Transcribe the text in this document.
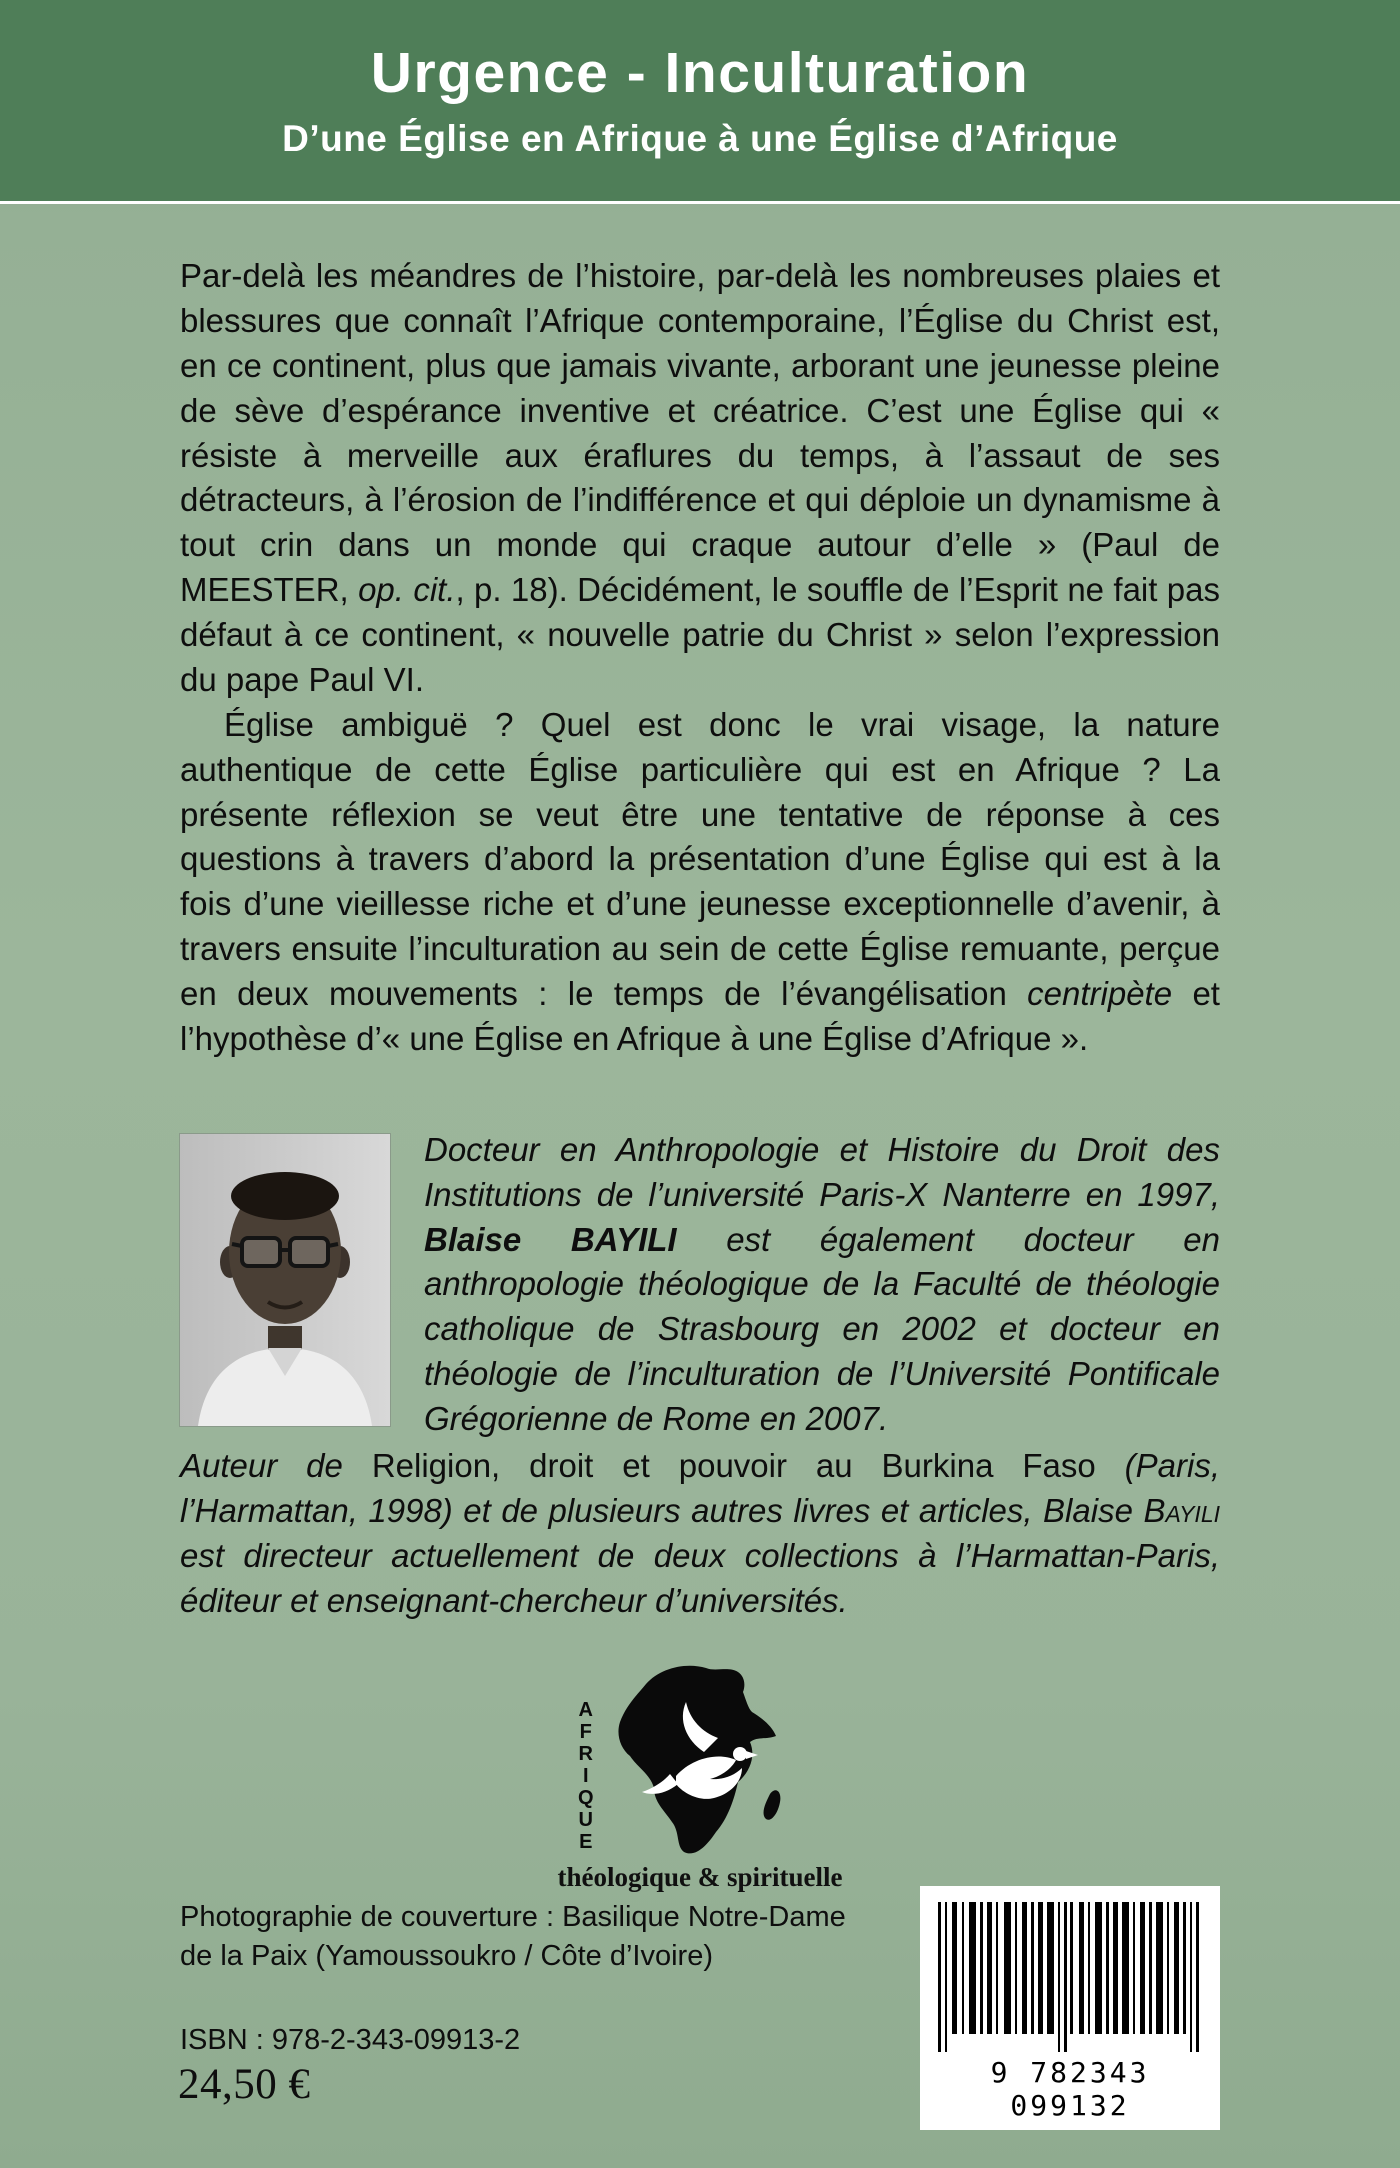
Urgence - Inculturation
D’une Église en Afrique à une Église d’Afrique

Par-delà les méandres de l’histoire, par-delà les nombreuses plaies et blessures que connaît l’Afrique contemporaine, l’Église du Christ est, en ce continent, plus que jamais vivante, arborant une jeunesse pleine de sève d’espérance inventive et créatrice. C’est une Église qui « résiste à merveille aux éraflures du temps, à l’assaut de ses détracteurs, à l’érosion de l’indifférence et qui déploie un dynamisme à tout crin dans un monde qui craque autour d’elle » (Paul de MEESTER, op. cit., p. 18). Décidément, le souffle de l’Esprit ne fait pas défaut à ce continent, « nouvelle patrie du Christ » selon l’expression du pape Paul VI.

Église ambiguë ? Quel est donc le vrai visage, la nature authentique de cette Église particulière qui est en Afrique ? La présente réflexion se veut être une tentative de réponse à ces questions à travers d’abord la présentation d’une Église qui est à la fois d’une vieillesse riche et d’une jeunesse exceptionnelle d’avenir, à travers ensuite l’inculturation au sein de cette Église remuante, perçue en deux mouvements : le temps de l’évangélisation centripète et l’hypothèse d’« une Église en Afrique à une Église d’Afrique ».

Docteur en Anthropologie et Histoire du Droit des Institutions de l’université Paris-X Nanterre en 1997, Blaise BAYILI est également docteur en anthropologie théologique de la Faculté de théologie catholique de Strasbourg en 2002 et docteur en théologie de l’inculturation de l’Université Pontificale Grégorienne de Rome en 2007.

Auteur de Religion, droit et pouvoir au Burkina Faso (Paris, l’Harmattan, 1998) et de plusieurs autres livres et articles, Blaise Bayili est directeur actuellement de deux collections à l’Harmattan-Paris, éditeur et enseignant-chercheur d’universités.

A
F
R
I
Q
U
E
théologique & spirituelle
Photographie de couverture : Basilique Notre-Dame
de la Paix (Yamoussoukro / Côte d’Ivoire)
9 782343 099132
ISBN : 978-2-343-09913-2
24,50 €
